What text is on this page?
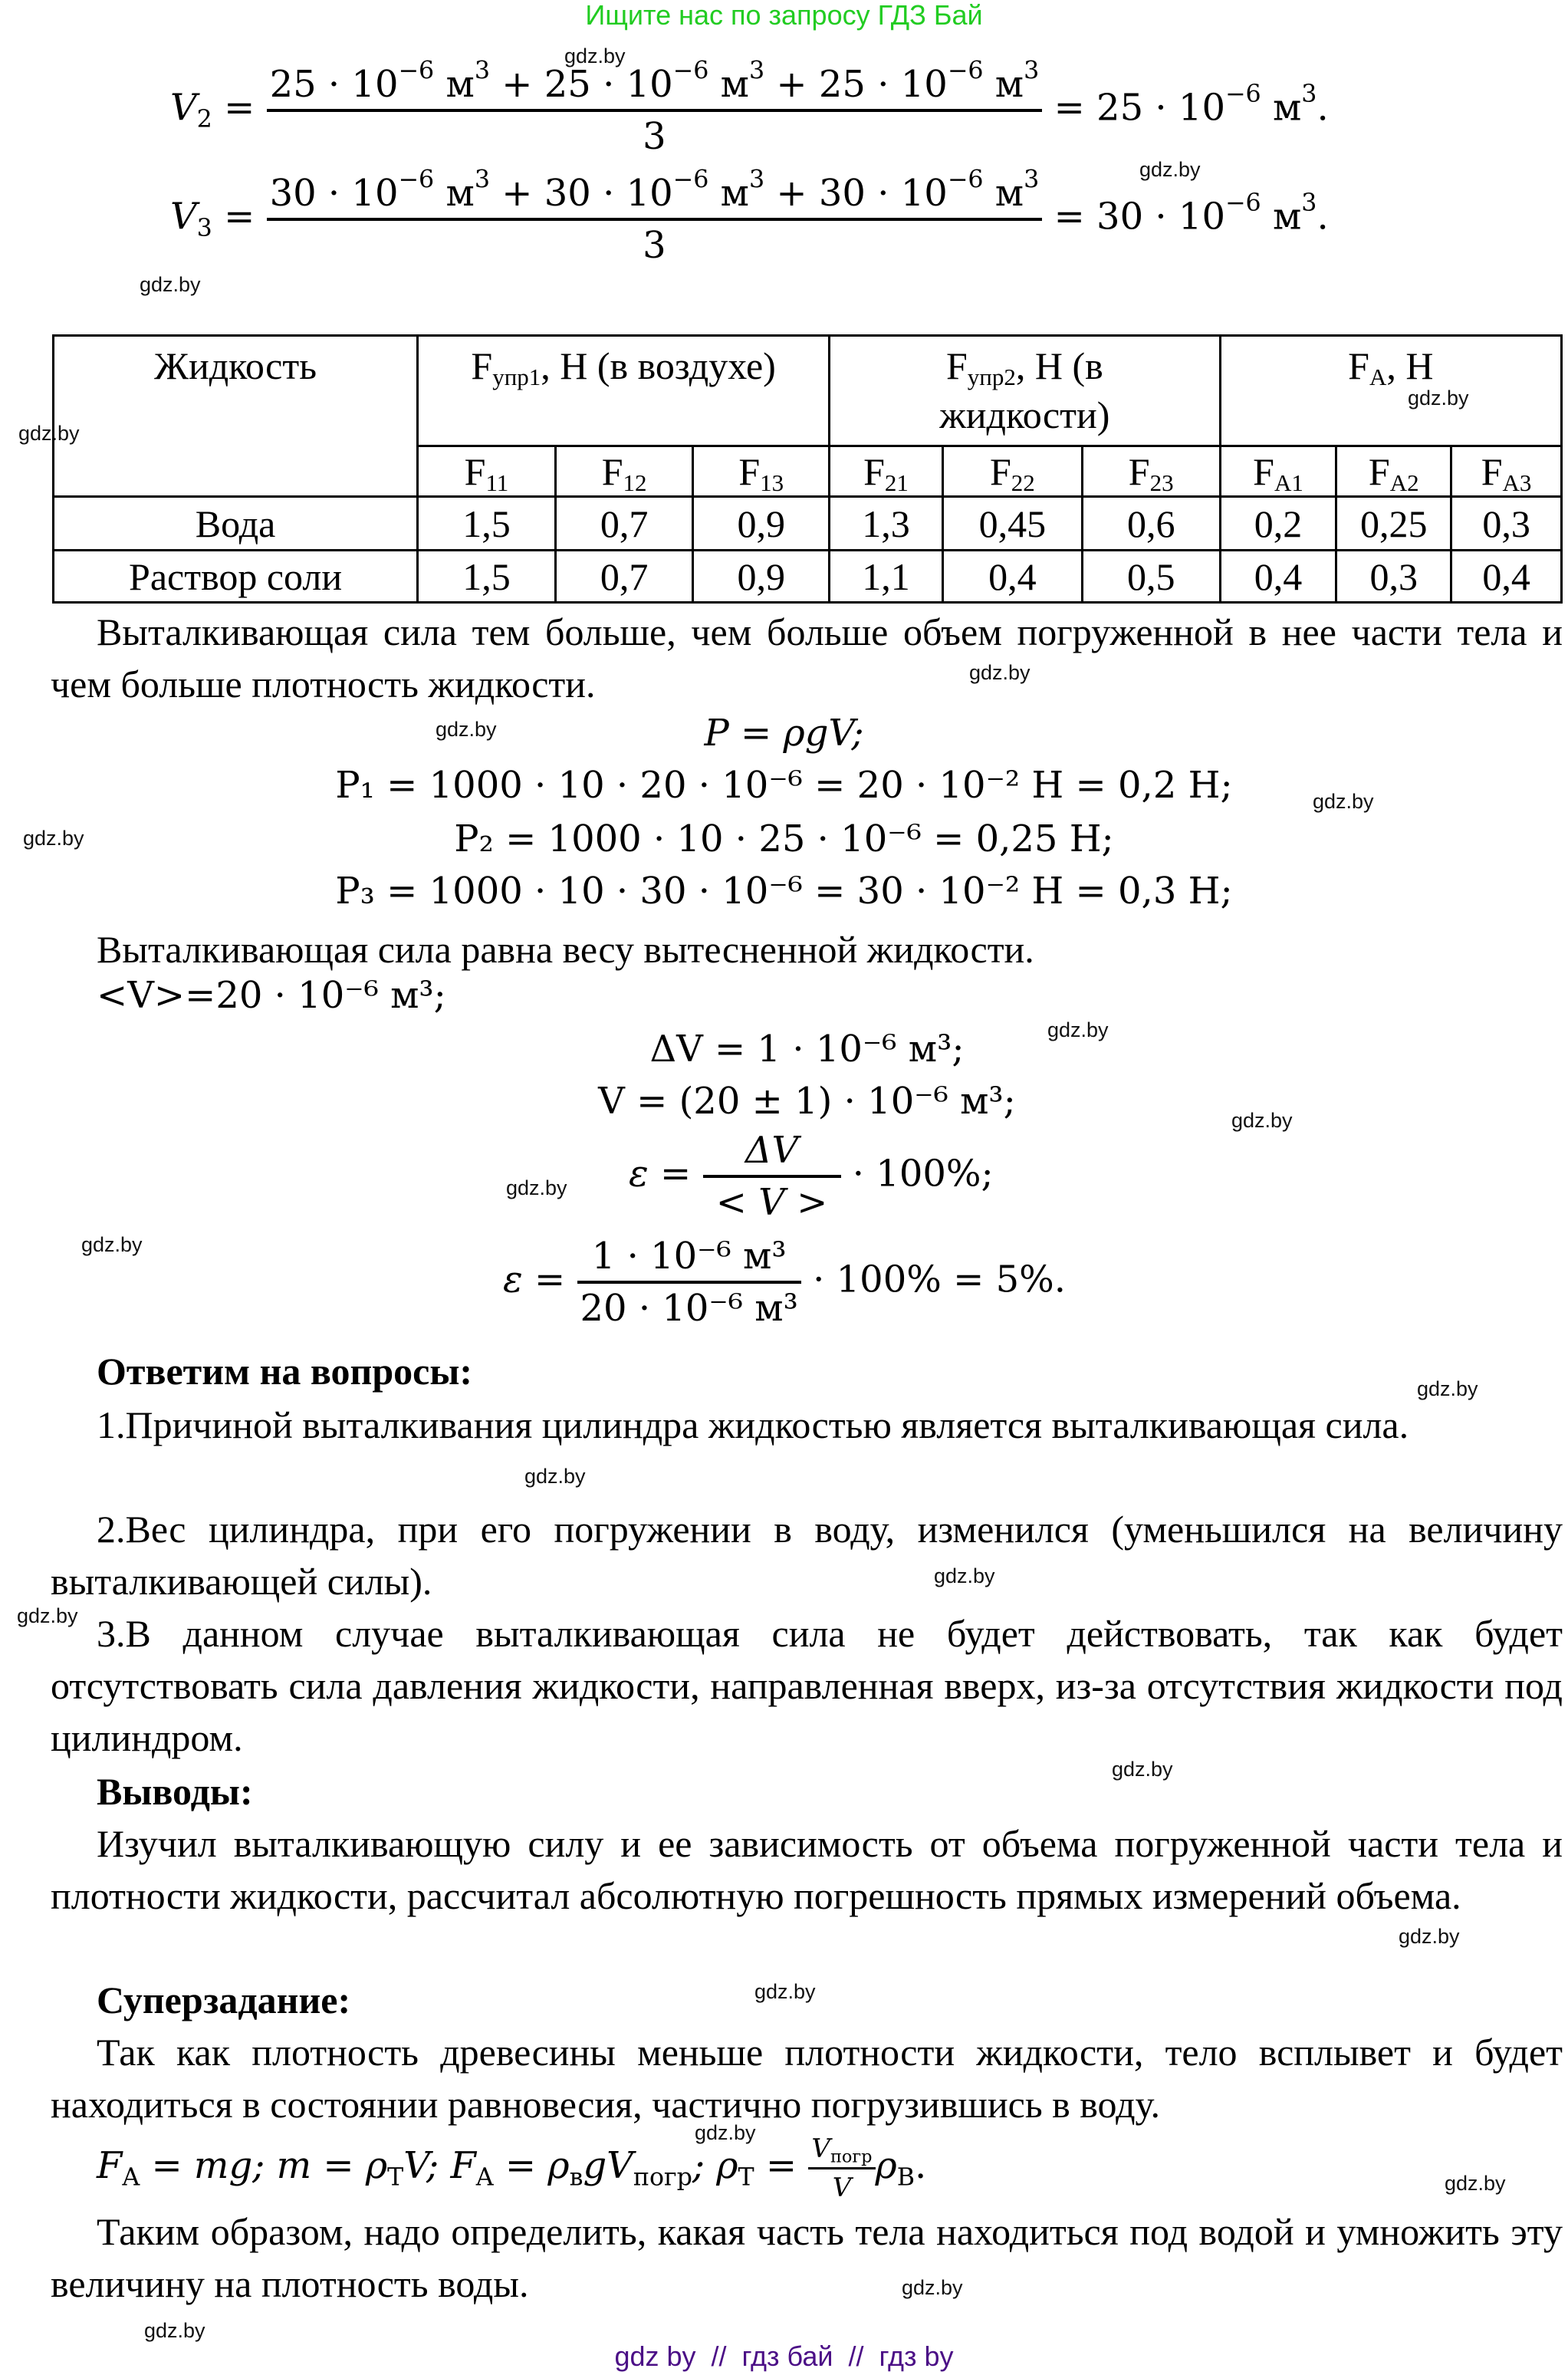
Ищите нас по запросу ГДЗ Бай
$V_2$ =
$25 \cdot 10^{-6}$ $м^3 + 25 \cdot 10^{-6}$ $м^3 + 25 \cdot 10^{-6}$ $м^3$
3
= $25 \cdot 10^{-6}$ $м^3$.
$V_3$ =
$30 \cdot 10^{-6}$ $м^3 + 30 \cdot 10^{-6}$ $м^3 + 30 \cdot 10^{-6}$ $м^3$
3
= $30 \cdot 10^{-6}$ $м^3$.
Жидкость	$F_{упр1}$, Н (в воздухе)			$F_{упр2}$, Н (в жидкости)			$F_A$, Н		
	$F_{11}$	$F_{12}$	$F_{13}$	$F_{21}$	$F_{22}$	$F_{23}$	$F_{A1}$	$F_{A2}$	$F_{A3}$
Вода	1,5	0,7	0,9	1,3	0,45	0,6	0,2	0,25	0,3
Раствор соли	1,5	0,7	0,9	1,1	0,4	0,5	0,4	0,3	0,4
Выталкивающая сила тем больше, чем больше объем погруженной в нее части тела и чем больше плотность жидкости.
P = ρgV;
P₁ = 1000 · 10 · 20 · 10⁻⁶ = 20 · 10⁻² H = 0,2 H;
P₂ = 1000 · 10 · 25 · 10⁻⁶ = 0,25 H;
P₃ = 1000 · 10 · 30 · 10⁻⁶ = 30 · 10⁻² H = 0,3 H;
Выталкивающая сила равна весу вытесненной жидкости.
<V>=20 · 10⁻⁶ м³;
ΔV = 1 · 10⁻⁶ м³;
V = (20 ± 1) · 10⁻⁶ м³;
$\varepsilon = \frac{\Delta V}{< V >} \cdot 100\%$;
$\varepsilon = \frac{\text{1 · 10⁻⁶ м³}}{\text{20 · 10⁻⁶ м³}} \cdot 100\% = 5\%$.
Ответим на вопросы:
1.Причиной выталкивания цилиндра жидкостью является выталкивающая сила.
2.Вес цилиндра, при его погружении в воду, изменился (уменьшился на величину выталкивающей силы).
3.В данном случае выталкивающая сила не будет действовать, так как будет отсутствовать сила давления жидкости, направленная вверх, из-за отсутствия жидкости под цилиндром.
Выводы:
Изучил выталкивающую силу и ее зависимость от объема погруженной части тела и плотности жидкости, рассчитал абсолютную погрешность прямых измерений объема.
Суперзадание:
Так как плотность древесины меньше плотности жидкости, тело всплывет и будет находиться в состоянии равновесия, частично погрузившись в воду.
$F_A$ = mg; $m = \rho_ТV$; $F_A = \rho_вgV_{погр}$; $\rho_Т = \frac{V_{погр}}{V} \rho_В$.
Таким образом, надо определить, какая часть тела находиться под водой и умножить эту величину на плотность воды.
gdz.by
gdz.by
gdz.by
gdz.by
gdz.by
gdz.by
gdz.by
gdz.by
gdz.by
gdz.by
gdz.by
gdz.by
gdz.by
gdz.by
gdz.by
gdz.by
gdz.by
gdz.by
gdz.by
gdz.by
gdz.by
gdz.by
gdz.by
gdz.by
gdz by  //  гдз бай  //  гдз by
